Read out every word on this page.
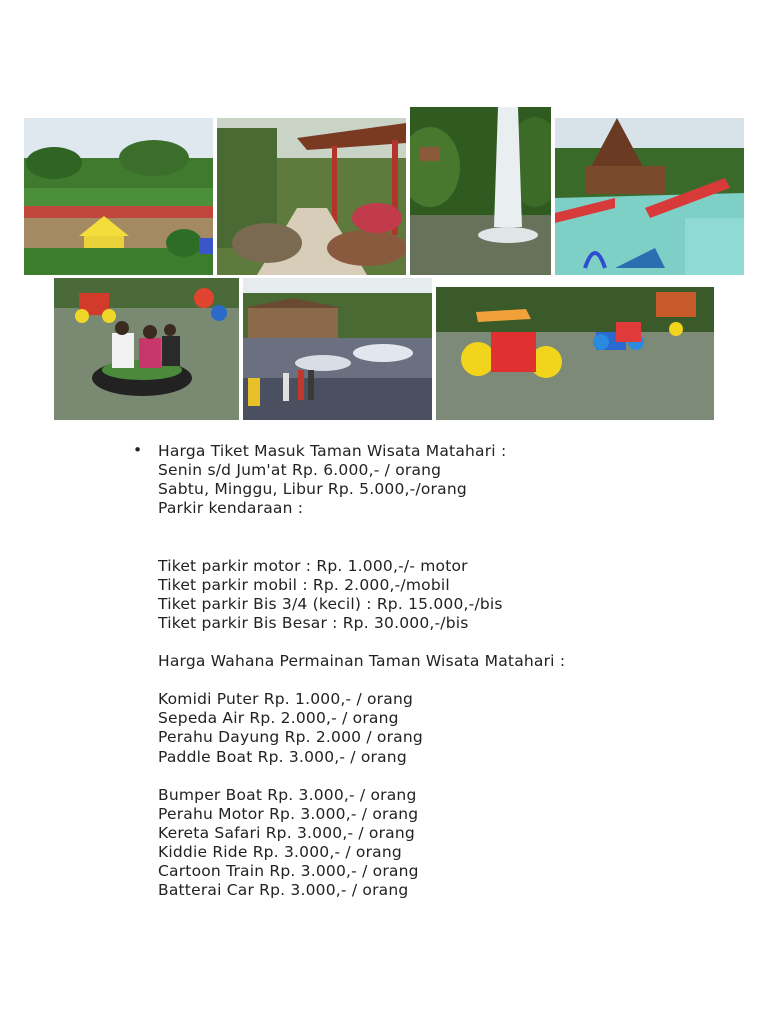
• Harga Tiket Masuk Taman Wisata Matahari :
Senin s/d Jum'at Rp. 6.000,- / orang
Sabtu, Minggu, Libur Rp. 5.000,-/orang
Parkir kendaraan :
Tiket parkir motor : Rp. 1.000,-/- motor
Tiket parkir mobil : Rp. 2.000,-/mobil
Tiket parkir Bis 3/4 (kecil) : Rp. 15.000,-/bis
Tiket parkir Bis Besar : Rp. 30.000,-/bis
Harga Wahana Permainan Taman Wisata Matahari :
Komidi Puter Rp. 1.000,- / orang
Sepeda Air Rp. 2.000,- / orang
Perahu Dayung Rp. 2.000 / orang
Paddle Boat Rp. 3.000,- / orang
Bumper Boat Rp. 3.000,- / orang
Perahu Motor Rp. 3.000,- / orang
Kereta Safari Rp. 3.000,- / orang
Kiddie Ride Rp. 3.000,- / orang
Cartoon Train Rp. 3.000,- / orang
Batterai Car Rp. 3.000,- / orang
